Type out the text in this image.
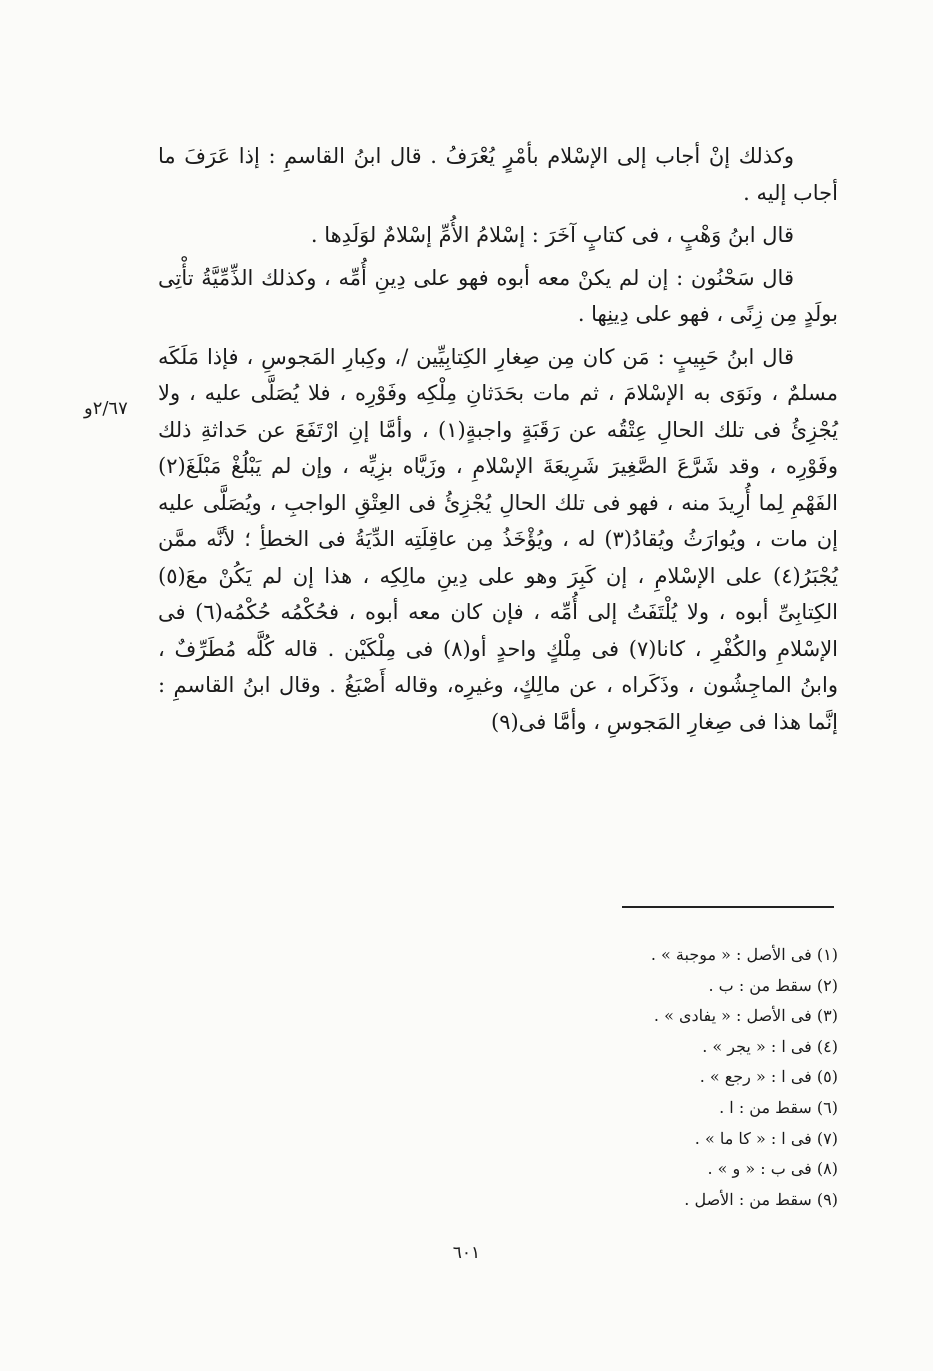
وكذلك إنْ أجاب إلى الإسْلام بأمْرٍ يُعْرَفُ . قال ابنُ القاسمِ : إذا عَرَفَ ما أجاب إليه .

قال ابنُ وَهْبٍ ، فى كتابٍ آخَرَ : إسْلامُ الأُمِّ إسْلامٌ لوَلَدِها .

قال سَحْنُون : إن لم يكنْ معه أبوه فهو على دِينِ أُمِّه ، وكذلك الذِّمِّيَّةُ تأْتِى بولَدٍ مِن زِنًى ، فهو على دِينِها .

قال ابنُ حَبِيبٍ : مَن كان مِن صِغارِ الكِتابِيِّين /، وكِبارِ المَجوسِ ، فإذا مَلَكَه مسلمٌ ، ونَوَى به الإسْلامَ ، ثم مات بحَدَثانِ مِلْكِه وفَوْرِه ، فلا يُصَلَّى عليه ، ولا يُجْزِئُ فى تلك الحالِ عِتْقُه عن رَقَبَةٍ واجبةٍ(١) ، وأمَّا إنِ ارْتَفَعَ عن حَداثةِ ذلك وفَوْرِه ، وقد شَرَّعَ الصَّغِيرَ شَرِيعَةَ الإسْلامِ ، وزَيَّاه بزِيِّه ، وإن لم يَبْلُغْ مَبْلَغَ(٢) الفَهْمِ لِما أُرِيدَ منه ، فهو فى تلك الحالِ يُجْزِئُ فى العِتْقِ الواجبِ ، ويُصَلَّى عليه إن مات ، ويُوارَثُ ويُقادُ(٣) له ، ويُؤْخَذُ مِن عاقِلَتِه الدِّيَةُ فى الخطأِ ؛ لأنَّه ممَّن يُجْبَرُ(٤) على الإسْلامِ ، إن كَبِرَ وهو على دِينِ مالِكِه ، هذا إن لم يَكُنْ معَ(٥) الكِتابِىِّ أبوه ، ولا يُلْتَفَتُ إلى أُمِّه ، فإن كان معه أبوه ، فحُكْمُه حُكْمُه(٦) فى الإسْلامِ والكُفْرِ ، كانا(٧) فى مِلْكٍ واحدٍ أو(٨) فى مِلْكَيْن . قاله كُلَّه مُطَرِّفٌ ، وابنُ الماجِشُون ، وذَكَراه ، عن مالِكٍ، وغيرِه، وقاله أَصْبَغُ . وقال ابنُ القاسمِ : إنَّما هذا فى صِغارِ المَجوسِ ، وأمَّا فى(٩)

٢/٦٧و
(١) فى الأصل : « موجبة » .
(٢) سقط من : ب .
(٣) فى الأصل : « يفادى » .
(٤) فى ا : « يجر » .
(٥) فى ا : « رجع » .
(٦) سقط من : ا .
(٧) فى ا : « كا ما » .
(٨) فى ب : « و » .
(٩) سقط من : الأصل .
٦٠١
